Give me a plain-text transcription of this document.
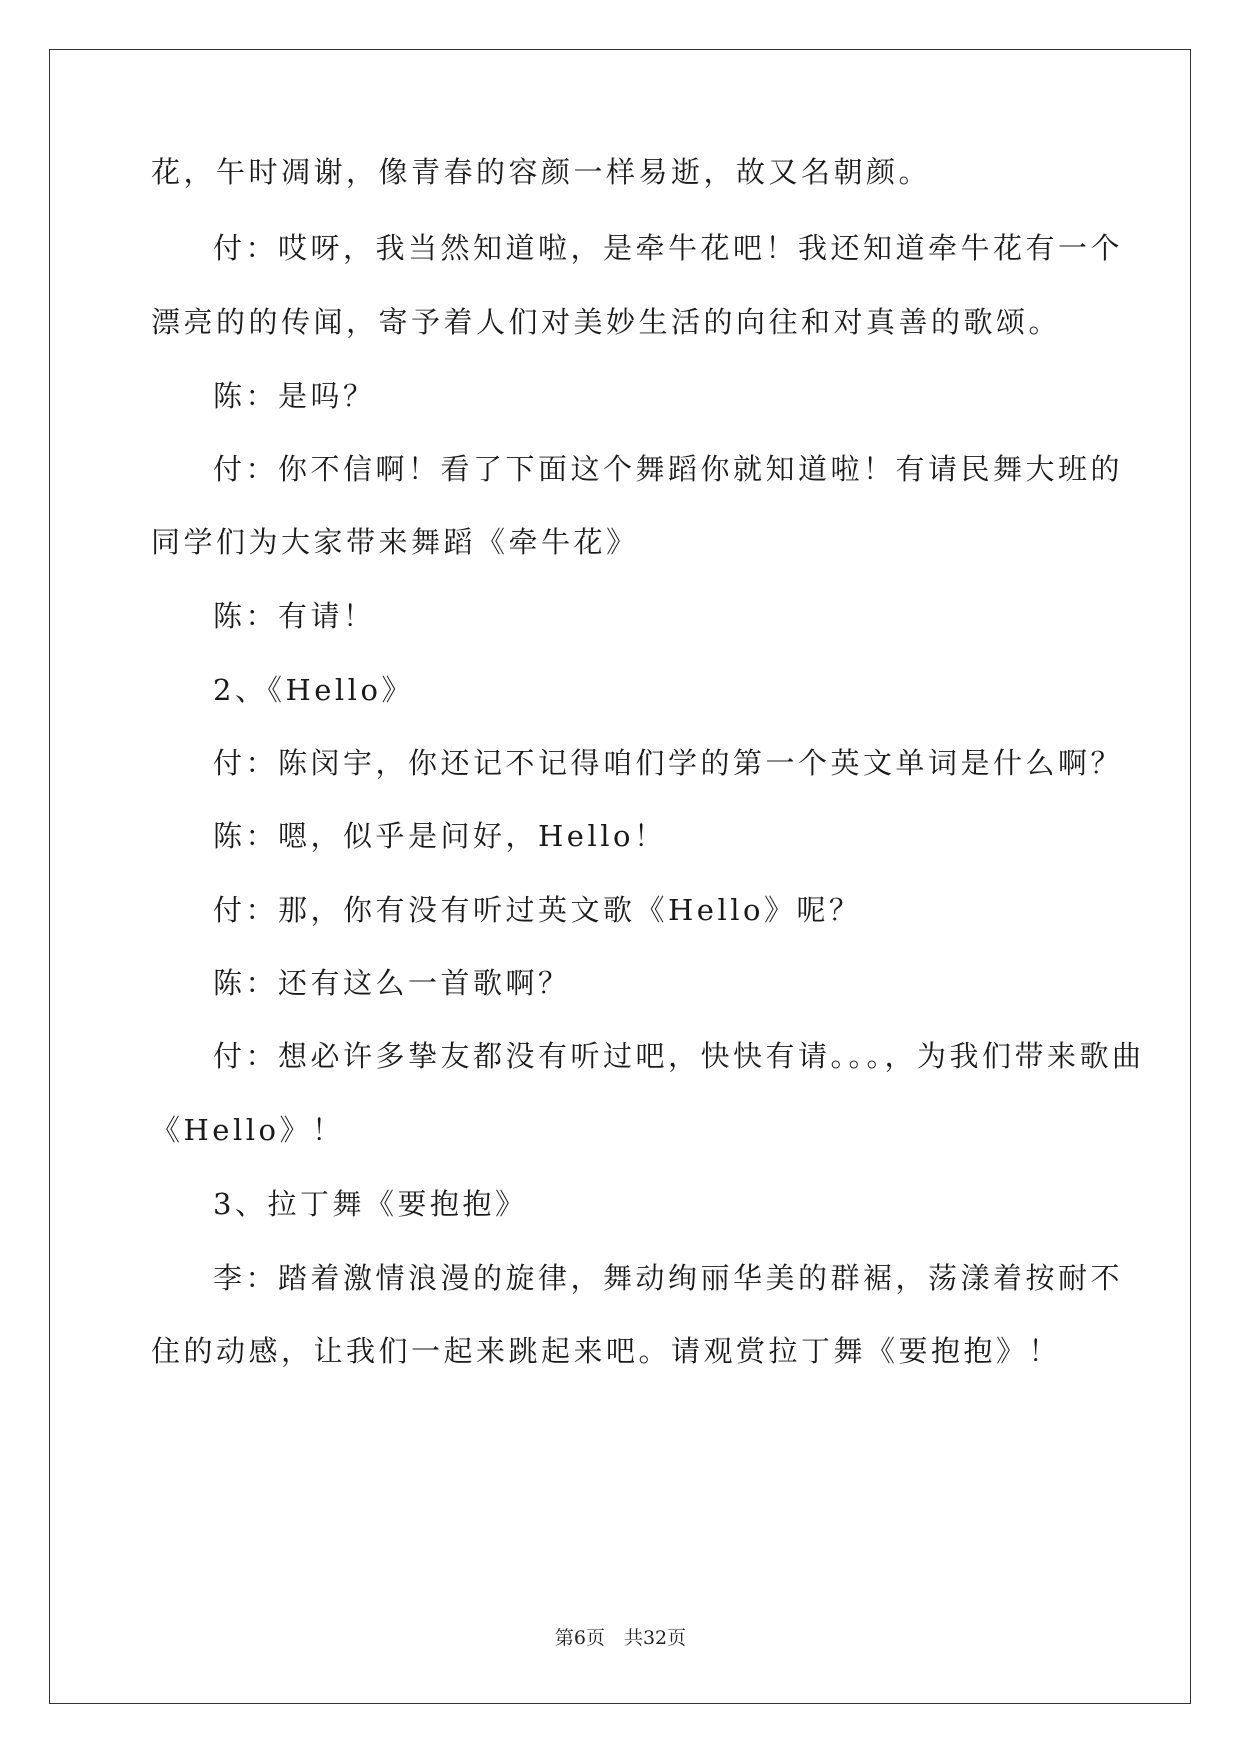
花，午时凋谢，像青春的容颜一样易逝，故又名朝颜。
付：哎呀，我当然知道啦，是牵牛花吧！我还知道牵牛花有一个
漂亮的的传闻，寄予着人们对美妙生活的向往和对真善的歌颂。
陈：是吗？
付：你不信啊！看了下面这个舞蹈你就知道啦！有请民舞大班的
同学们为大家带来舞蹈《牵牛花》
陈：有请！
2、《Hello》
付：陈闵宇，你还记不记得咱们学的第一个英文单词是什么啊？
陈：嗯，似乎是问好，Hello！
付：那，你有没有听过英文歌《Hello》呢？
陈：还有这么一首歌啊？
付：想必许多挚友都没有听过吧，快快有请。。。，为我们带来歌曲
《Hello》！
3、拉丁舞《要抱抱》
李：踏着激情浪漫的旋律，舞动绚丽华美的群裾，荡漾着按耐不
住的动感，让我们一起来跳起来吧。请观赏拉丁舞《要抱抱》！
第6页　共32页
